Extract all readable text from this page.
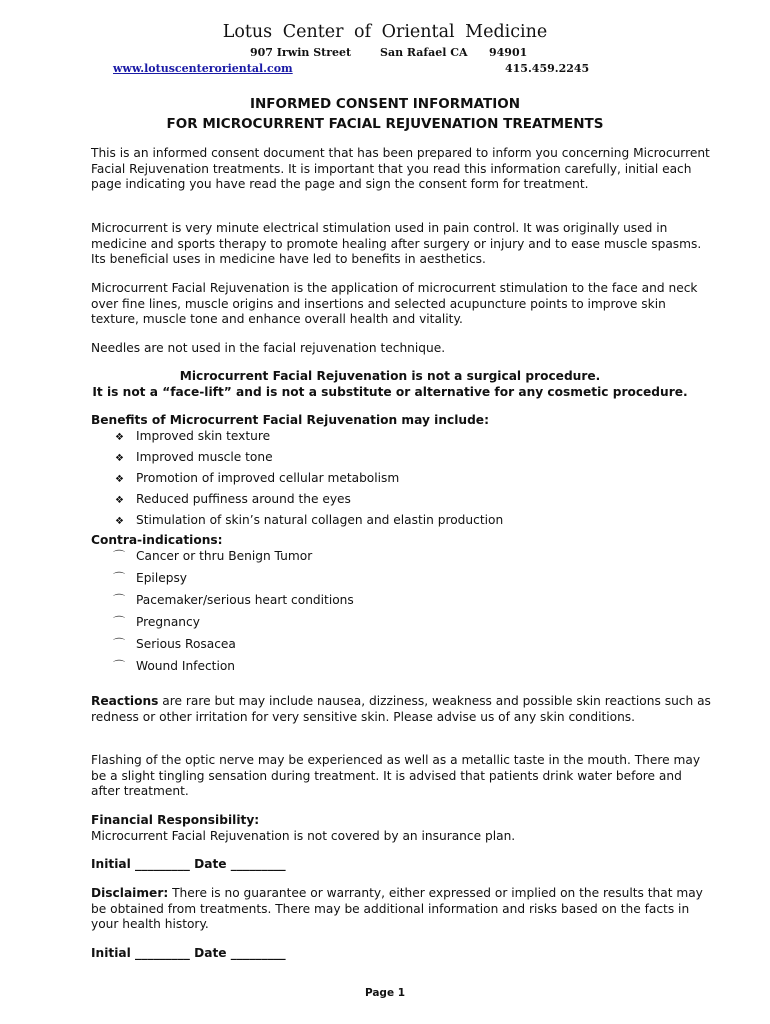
Lotus Center of Oriental Medicine
907 Irwin Street	San Rafael CA 94901
www.lotuscenteroriental.com	415.459.2245
INFORMED CONSENT INFORMATION
FOR MICROCURRENT FACIAL REJUVENATION TREATMENTS
This is an informed consent document that has been prepared to inform you concerning Microcurrent Facial Rejuvenation treatments. It is important that you read this information carefully, initial each page indicating you have read the page and sign the consent form for treatment.
Microcurrent is very minute electrical stimulation used in pain control. It was originally used in medicine and sports therapy to promote healing after surgery or injury and to ease muscle spasms. Its beneficial uses in medicine have led to benefits in aesthetics.
Microcurrent Facial Rejuvenation is the application of microcurrent stimulation to the face and neck over fine lines, muscle origins and insertions and selected acupuncture points to improve skin texture, muscle tone and enhance overall health and vitality.
Needles are not used in the facial rejuvenation technique.
Microcurrent Facial Rejuvenation is not a surgical procedure.
It is not a “face-lift” and is not a substitute or alternative for any cosmetic procedure.
Benefits of Microcurrent Facial Rejuvenation may include:
❖ Improved skin texture
❖ Improved muscle tone
❖ Promotion of improved cellular metabolism
❖ Reduced puffiness around the eyes
❖ Stimulation of skin’s natural collagen and elastin production
Contra-indications:
⌒ Cancer or thru Benign Tumor
⌒ Epilepsy
⌒ Pacemaker/serious heart conditions
⌒ Pregnancy
⌒ Serious Rosacea
⌒ Wound Infection
Reactions are rare but may include nausea, dizziness, weakness and possible skin reactions such as redness or other irritation for very sensitive skin. Please advise us of any skin conditions.
Flashing of the optic nerve may be experienced as well as a metallic taste in the mouth. There may be a slight tingling sensation during treatment. It is advised that patients drink water before and after treatment.
Financial Responsibility:
Microcurrent Facial Rejuvenation is not covered by an insurance plan.
Initial _________ Date _________
Disclaimer: There is no guarantee or warranty, either expressed or implied on the results that may be obtained from treatments. There may be additional information and risks based on the facts in your health history.
Initial _________ Date _________
Page 1
